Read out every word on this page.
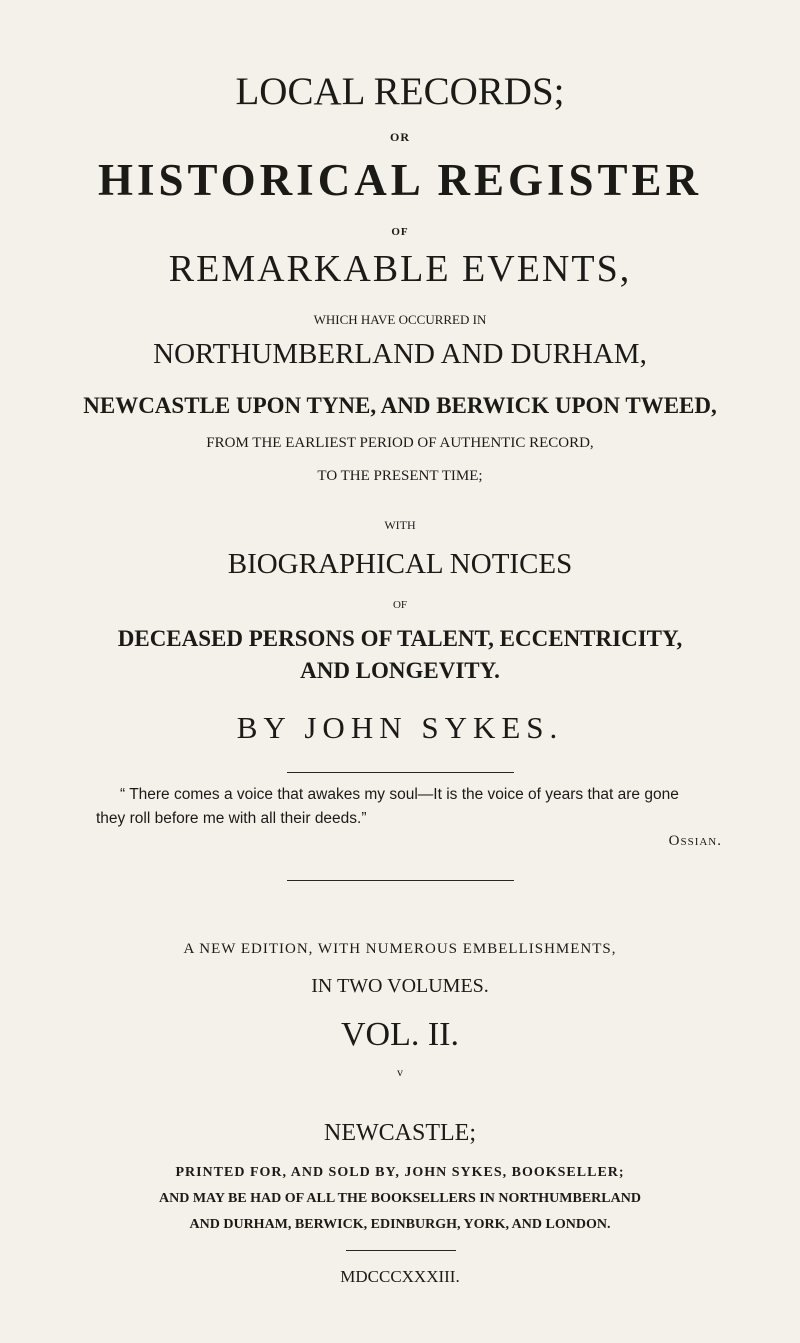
LOCAL RECORDS;
OR
HISTORICAL REGISTER
OF
REMARKABLE EVENTS,
WHICH HAVE OCCURRED IN
NORTHUMBERLAND AND DURHAM,
NEWCASTLE UPON TYNE, AND BERWICK UPON TWEED,
FROM THE EARLIEST PERIOD OF AUTHENTIC RECORD,
TO THE PRESENT TIME;
WITH
BIOGRAPHICAL NOTICES
OF
DECEASED PERSONS OF TALENT, ECCENTRICITY,
AND LONGEVITY.
BY JOHN SYKES.
“ There comes a voice that awakes my soul—It is the voice of years that are gone
they roll before me with all their deeds.”
Ossian.
A NEW EDITION, WITH NUMEROUS EMBELLISHMENTS,
IN TWO VOLUMES.
VOL. II.
v
NEWCASTLE;
PRINTED FOR, AND SOLD BY, JOHN SYKES, BOOKSELLER;
AND MAY BE HAD OF ALL THE BOOKSELLERS IN NORTHUMBERLAND
AND DURHAM, BERWICK, EDINBURGH, YORK, AND LONDON.
MDCCCXXXIII.
